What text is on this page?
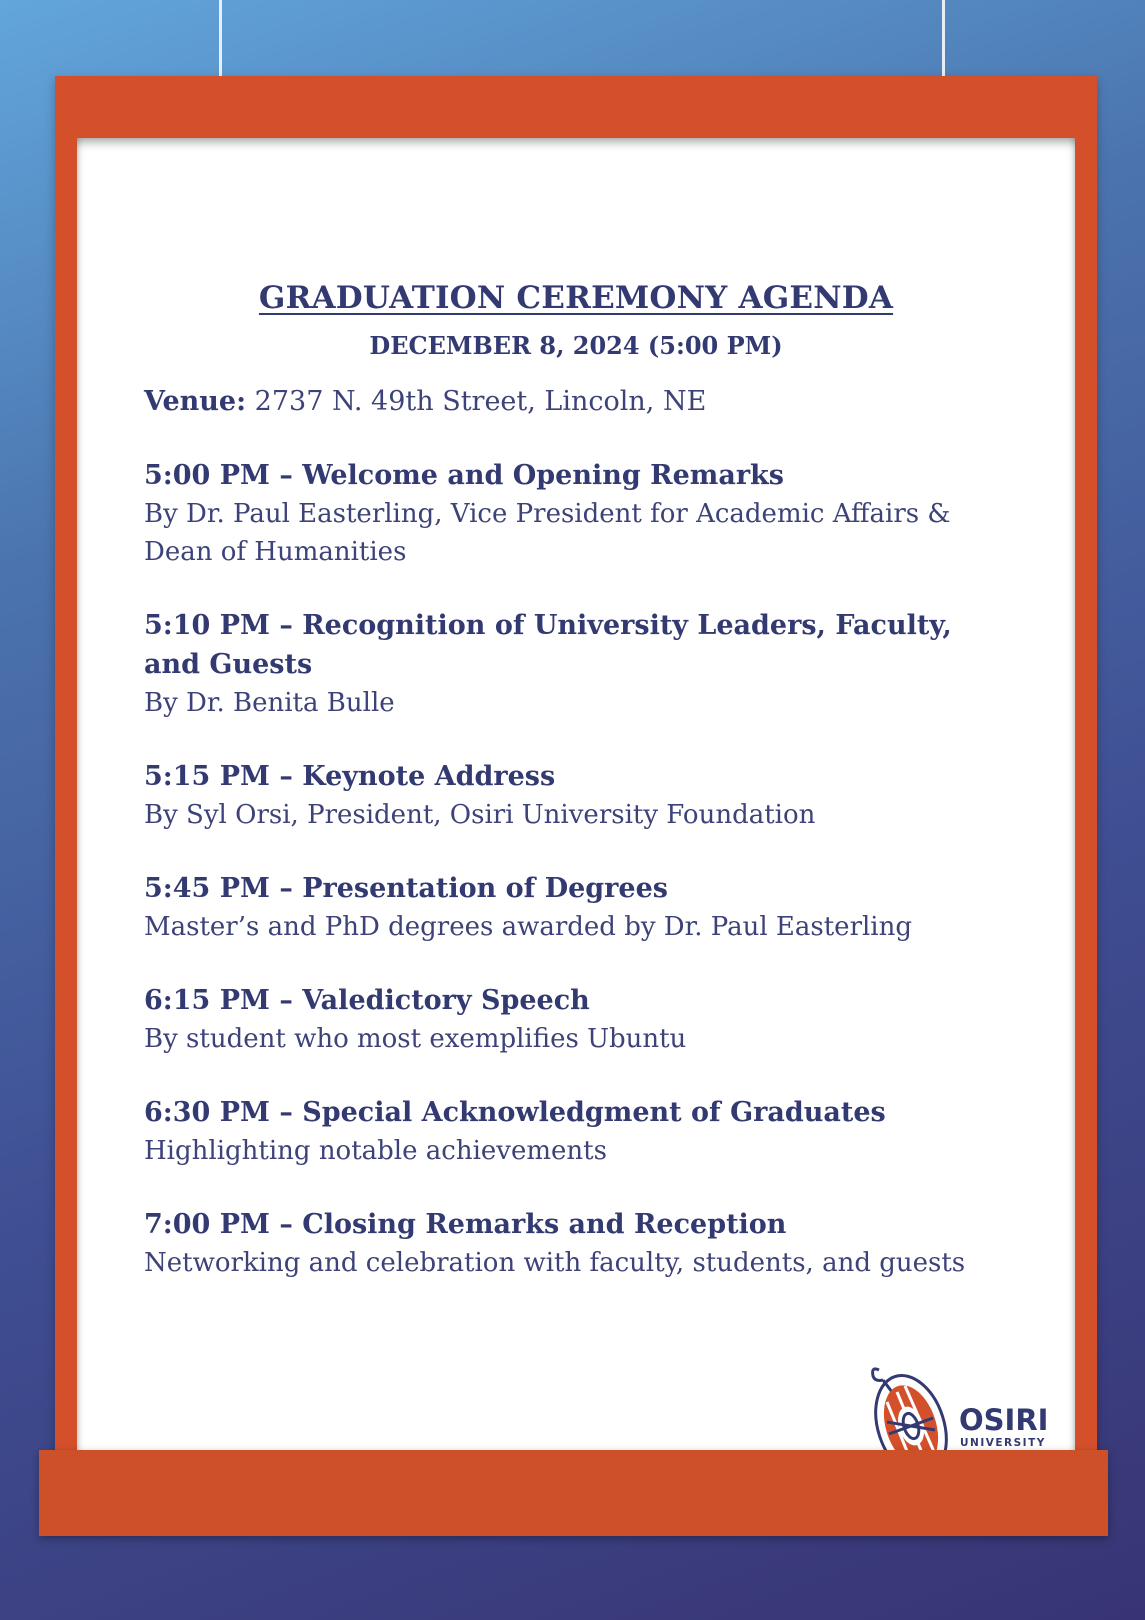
GRADUATION CEREMONY AGENDA
DECEMBER 8, 2024 (5:00 PM)
Venue: 2737 N. 49th Street, Lincoln, NE
5:00 PM – Welcome and Opening Remarks
By Dr. Paul Easterling, Vice President for Academic Affairs & Dean of Humanities
5:10 PM – Recognition of University Leaders, Faculty, and Guests
By Dr. Benita Bulle
5:15 PM – Keynote Address
By Syl Orsi, President, Osiri University Foundation
5:45 PM – Presentation of Degrees
Master’s and PhD degrees awarded by Dr. Paul Easterling
6:15 PM – Valedictory Speech
By student who most exemplifies Ubuntu
6:30 PM – Special Acknowledgment of Graduates
Highlighting notable achievements
7:00 PM – Closing Remarks and Reception
Networking and celebration with faculty, students, and guests
OSIRI
UNIVERSITY
